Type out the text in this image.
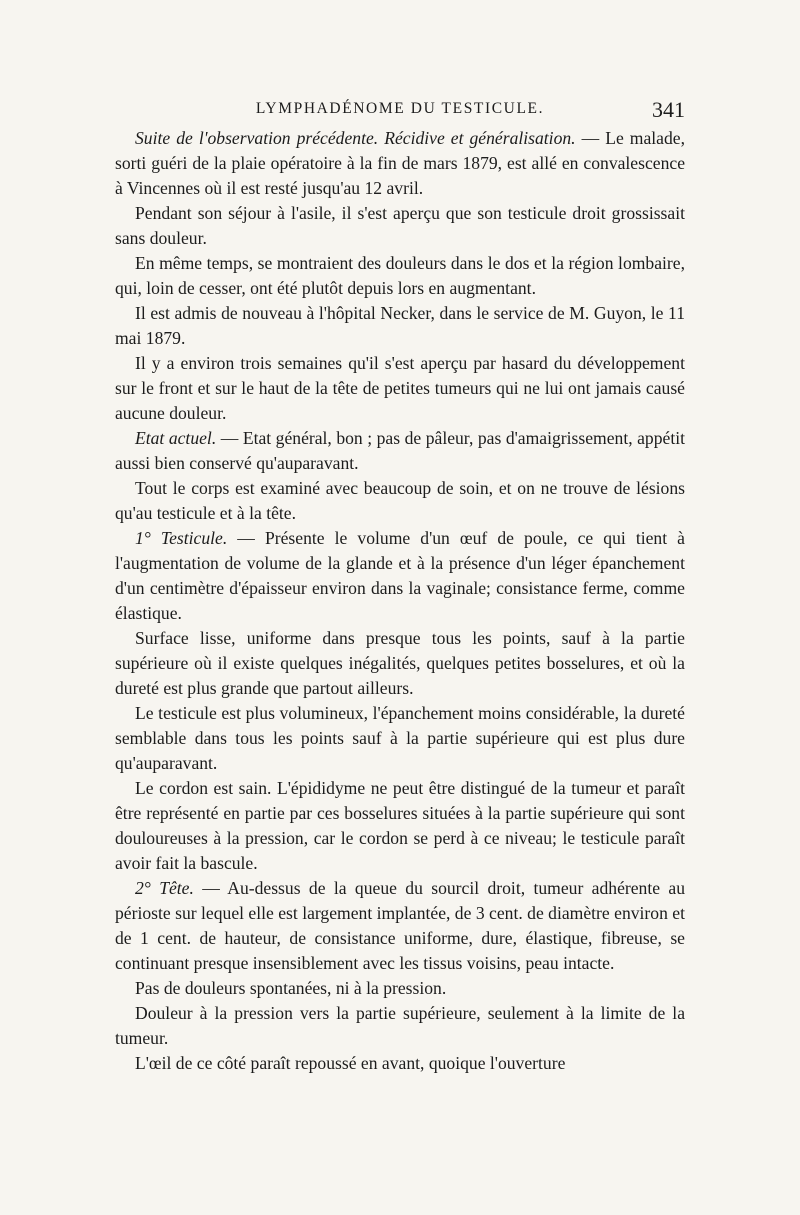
LYMPHADÉNOME DU TESTICULE.	341

Suite de l'observation précédente. Récidive et généralisation. — Le malade, sorti guéri de la plaie opératoire à la fin de mars 1879, est allé en convalescence à Vincennes où il est resté jusqu'au 12 avril.

Pendant son séjour à l'asile, il s'est aperçu que son testicule droit grossissait sans douleur.

En même temps, se montraient des douleurs dans le dos et la région lombaire, qui, loin de cesser, ont été plutôt depuis lors en augmentant.

Il est admis de nouveau à l'hôpital Necker, dans le service de M. Guyon, le 11 mai 1879.

Il y a environ trois semaines qu'il s'est aperçu par hasard du développement sur le front et sur le haut de la tête de petites tumeurs qui ne lui ont jamais causé aucune douleur.

Etat actuel. — Etat général, bon ; pas de pâleur, pas d'amaigrissement, appétit aussi bien conservé qu'auparavant.

Tout le corps est examiné avec beaucoup de soin, et on ne trouve de lésions qu'au testicule et à la tête.

1° Testicule. — Présente le volume d'un œuf de poule, ce qui tient à l'augmentation de volume de la glande et à la présence d'un léger épanchement d'un centimètre d'épaisseur environ dans la vaginale; consistance ferme, comme élastique.

Surface lisse, uniforme dans presque tous les points, sauf à la partie supérieure où il existe quelques inégalités, quelques petites bosselures, et où la dureté est plus grande que partout ailleurs.

Le testicule est plus volumineux, l'épanchement moins considérable, la dureté semblable dans tous les points sauf à la partie supérieure qui est plus dure qu'auparavant.

Le cordon est sain. L'épididyme ne peut être distingué de la tumeur et paraît être représenté en partie par ces bosselures situées à la partie supérieure qui sont douloureuses à la pression, car le cordon se perd à ce niveau; le testicule paraît avoir fait la bascule.

2° Tête. — Au-dessus de la queue du sourcil droit, tumeur adhérente au périoste sur lequel elle est largement implantée, de 3 cent. de diamètre environ et de 1 cent. de hauteur, de consistance uniforme, dure, élastique, fibreuse, se continuant presque insensiblement avec les tissus voisins, peau intacte.

Pas de douleurs spontanées, ni à la pression.

Douleur à la pression vers la partie supérieure, seulement à la limite de la tumeur.

L'œil de ce côté paraît repoussé en avant, quoique l'ouverture
